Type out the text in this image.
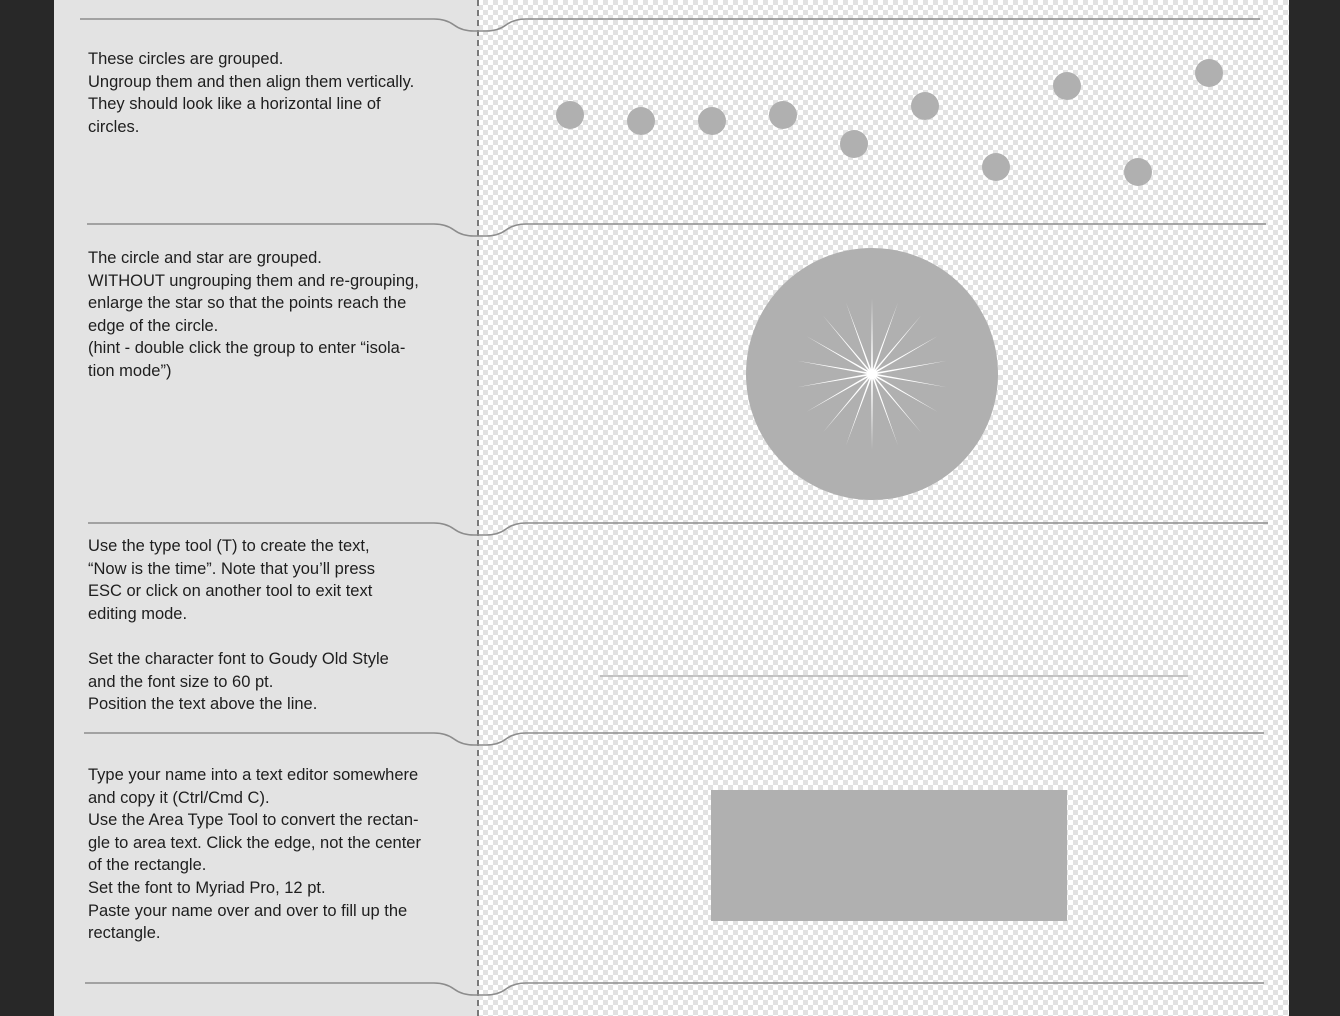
These circles are grouped.
Ungroup them and then align them vertically.
They should look like a horizontal line of
circles.
The circle and star are grouped.
WITHOUT ungrouping them and re-grouping,
enlarge the star so that the points reach the
edge of the circle.
(hint - double click the group to enter “isola-
tion mode”)
Use the type tool (T) to create the text,
“Now is the time”. Note that you’ll press
ESC or click on another tool to exit text
editing mode.
Set the character font to Goudy Old Style
and the font size to 60 pt.
Position the text above the line.
Type your name into a text editor somewhere
and copy it (Ctrl/Cmd C).
Use the Area Type Tool to convert the rectan-
gle to area text. Click the edge, not the center
of the rectangle.
Set the font to Myriad Pro, 12 pt.
Paste your name over and over to fill up the
rectangle.
